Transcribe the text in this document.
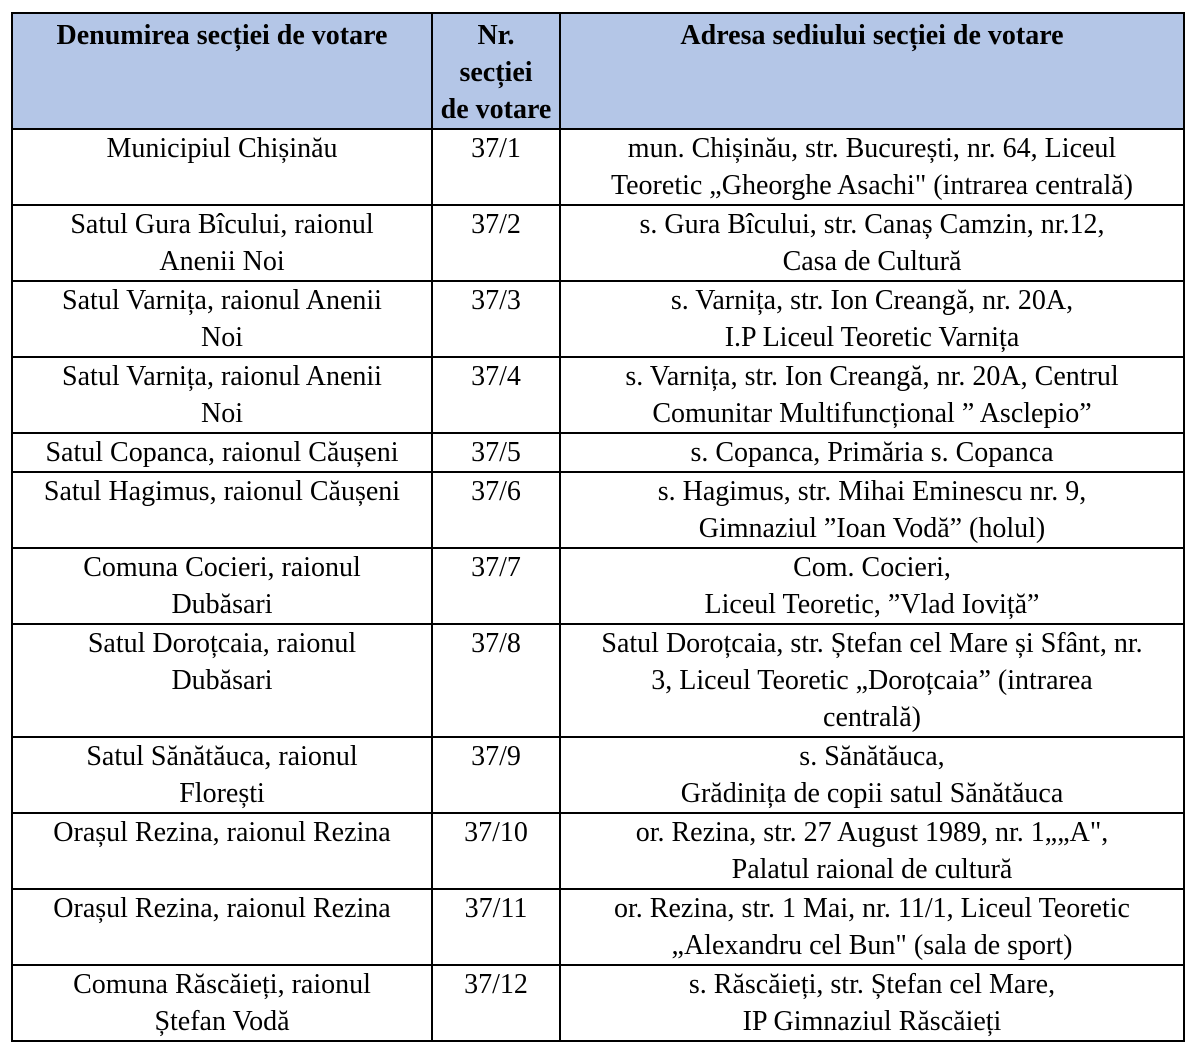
Denumirea secției de votare	Nr.
secției
de votare	Adresa sediului secției de votare
Municipiul Chișinău	37/1	mun. Chișinău, str. București, nr. 64, Liceul
Teoretic „Gheorghe Asachi" (intrarea centrală)
Satul Gura Bîcului, raionul
Anenii Noi	37/2	s. Gura Bîcului, str. Canaș Camzin, nr.12,
Casa de Cultură
Satul Varnița, raionul Anenii
Noi	37/3	s. Varnița, str. Ion Creangă, nr. 20A,
I.P Liceul Teoretic Varnița
Satul Varnița, raionul Anenii
Noi	37/4	s. Varnița, str. Ion Creangă, nr. 20A, Centrul
Comunitar Multifuncțional ” Asclepio”
Satul Copanca, raionul Căușeni	37/5	s. Copanca, Primăria s. Copanca
Satul Hagimus, raionul Căușeni	37/6	s. Hagimus, str. Mihai Eminescu nr. 9,
Gimnaziul ”Ioan Vodă” (holul)
Comuna Cocieri, raionul
Dubăsari	37/7	Com. Cocieri,
Liceul Teoretic, ”Vlad Ioviță”
Satul Doroțcaia, raionul
Dubăsari	37/8	Satul Doroțcaia, str. Ștefan cel Mare și Sfânt, nr.
3, Liceul Teoretic „Doroțcaia” (intrarea
centrală)
Satul Sănătăuca, raionul
Florești	37/9	s. Sănătăuca,
Grădinița de copii satul Sănătăuca
Orașul Rezina, raionul Rezina	37/10	or. Rezina, str. 27 August 1989, nr. 1„„A",
Palatul raional de cultură
Orașul Rezina, raionul Rezina	37/11	or. Rezina, str. 1 Mai, nr. 11/1, Liceul Teoretic
„Alexandru cel Bun" (sala de sport)
Comuna Răscăieți, raionul
Ștefan Vodă	37/12	s. Răscăieți, str. Ștefan cel Mare,
IP Gimnaziul Răscăieți
